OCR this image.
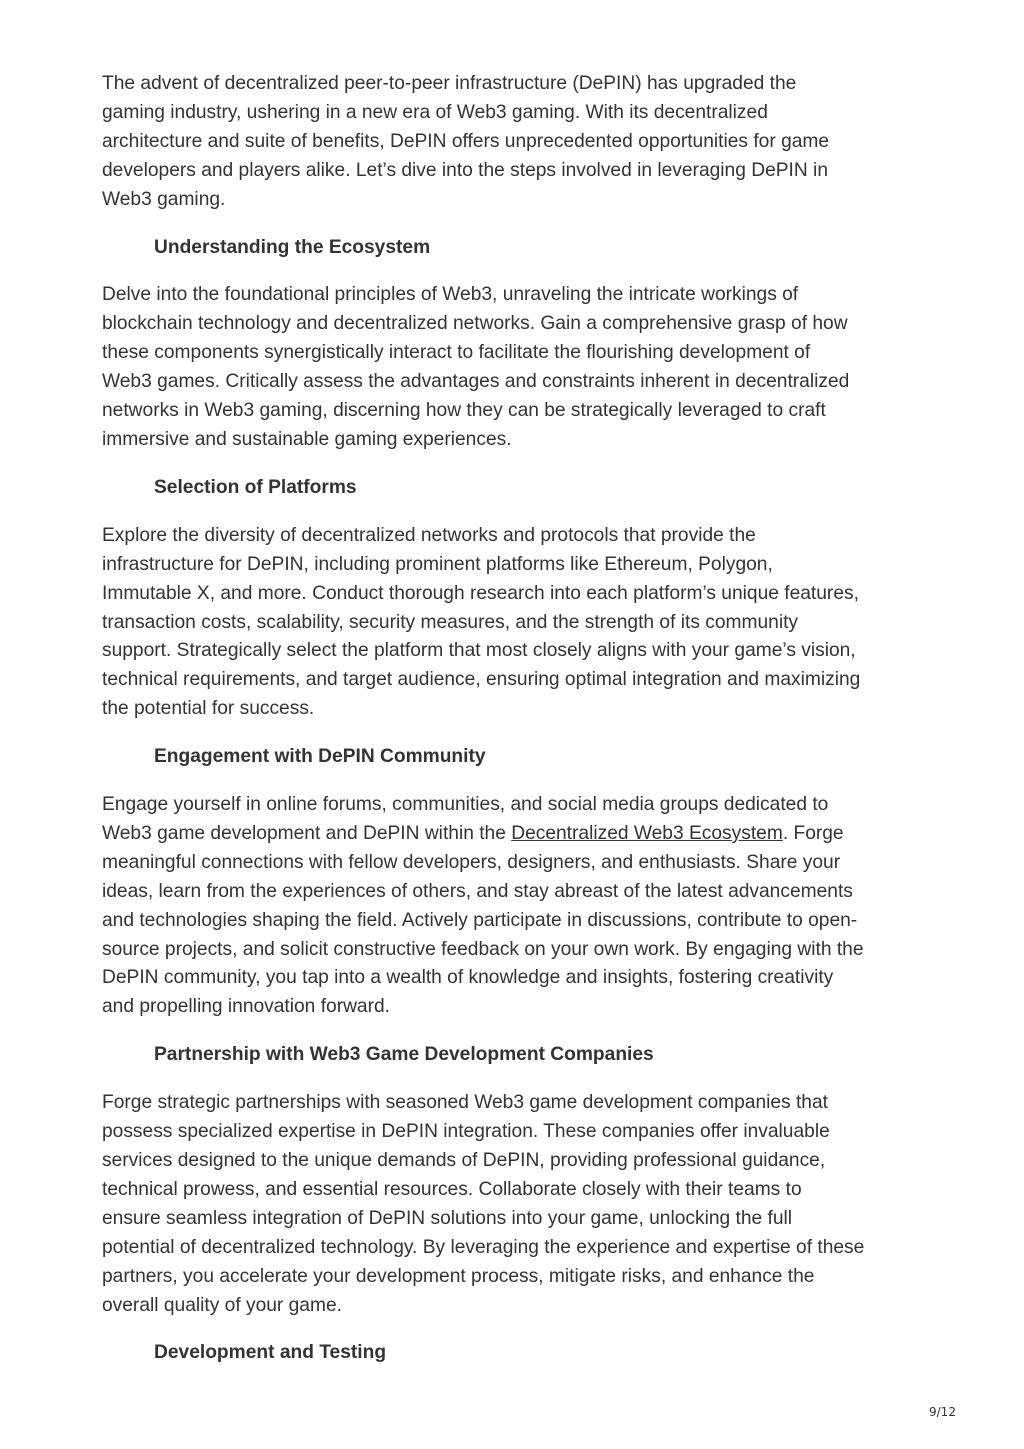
The advent of decentralized peer-to-peer infrastructure (DePIN) has upgraded the
gaming industry, ushering in a new era of Web3 gaming. With its decentralized
architecture and suite of benefits, DePIN offers unprecedented opportunities for game
developers and players alike. Let’s dive into the steps involved in leveraging DePIN in
Web3 gaming.

Understanding the Ecosystem

Delve into the foundational principles of Web3, unraveling the intricate workings of
blockchain technology and decentralized networks. Gain a comprehensive grasp of how
these components synergistically interact to facilitate the flourishing development of
Web3 games. Critically assess the advantages and constraints inherent in decentralized
networks in Web3 gaming, discerning how they can be strategically leveraged to craft
immersive and sustainable gaming experiences.

Selection of Platforms

Explore the diversity of decentralized networks and protocols that provide the
infrastructure for DePIN, including prominent platforms like Ethereum, Polygon,
Immutable X, and more. Conduct thorough research into each platform’s unique features,
transaction costs, scalability, security measures, and the strength of its community
support. Strategically select the platform that most closely aligns with your game’s vision,
technical requirements, and target audience, ensuring optimal integration and maximizing
the potential for success.

Engagement with DePIN Community

Engage yourself in online forums, communities, and social media groups dedicated to
Web3 game development and DePIN within the Decentralized Web3 Ecosystem. Forge
meaningful connections with fellow developers, designers, and enthusiasts. Share your
ideas, learn from the experiences of others, and stay abreast of the latest advancements
and technologies shaping the field. Actively participate in discussions, contribute to open-
source projects, and solicit constructive feedback on your own work. By engaging with the
DePIN community, you tap into a wealth of knowledge and insights, fostering creativity
and propelling innovation forward.

Partnership with Web3 Game Development Companies

Forge strategic partnerships with seasoned Web3 game development companies that
possess specialized expertise in DePIN integration. These companies offer invaluable
services designed to the unique demands of DePIN, providing professional guidance,
technical prowess, and essential resources. Collaborate closely with their teams to
ensure seamless integration of DePIN solutions into your game, unlocking the full
potential of decentralized technology. By leveraging the experience and expertise of these
partners, you accelerate your development process, mitigate risks, and enhance the
overall quality of your game.

Development and Testing
9/12
